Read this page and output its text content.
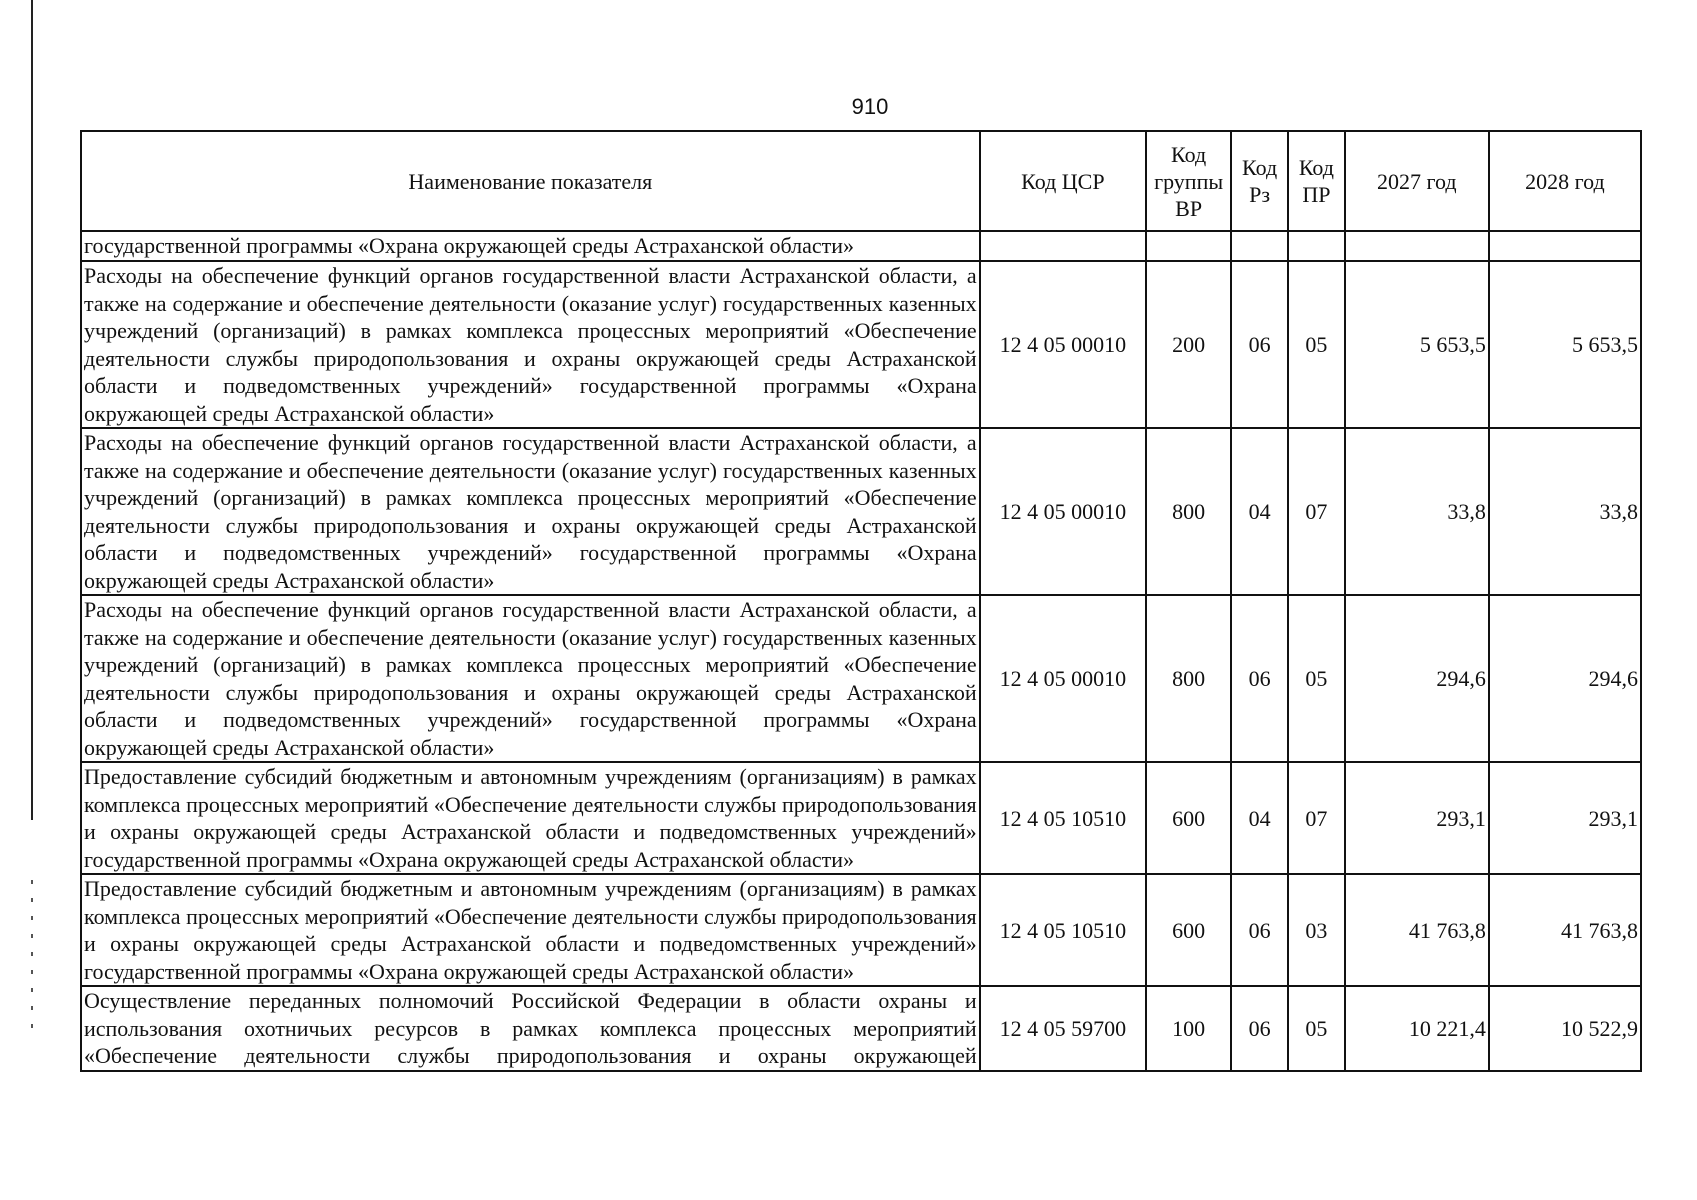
910
Наименование показателя	Код ЦСР	Код группы ВР	Код Рз	Код ПР	2027 год	2028 год
государственной программы «Охрана окружающей среды Астраханской области»						
Расходы на обеспечение функций органов государственной власти Астраханской области, а также на содержание и обеспечение деятельности (оказание услуг) государственных казенных учреждений (организаций) в рамках комплекса процессных мероприятий «Обеспечение деятельности службы природопользования и охраны окружающей среды Астраханской области и подведомственных учреждений» государственной программы «Охрана окружающей среды Астраханской области»	12 4 05 00010	200	06	05	5 653,5	5 653,5
Расходы на обеспечение функций органов государственной власти Астраханской области, а также на содержание и обеспечение деятельности (оказание услуг) государственных казенных учреждений (организаций) в рамках комплекса процессных мероприятий «Обеспечение деятельности службы природопользования и охраны окружающей среды Астраханской области и подведомственных учреждений» государственной программы «Охрана окружающей среды Астраханской области»	12 4 05 00010	800	04	07	33,8	33,8
Расходы на обеспечение функций органов государственной власти Астраханской области, а также на содержание и обеспечение деятельности (оказание услуг) государственных казенных учреждений (организаций) в рамках комплекса процессных мероприятий «Обеспечение деятельности службы природопользования и охраны окружающей среды Астраханской области и подведомственных учреждений» государственной программы «Охрана окружающей среды Астраханской области»	12 4 05 00010	800	06	05	294,6	294,6
Предоставление субсидий бюджетным и автономным учреждениям (организациям) в рамках комплекса процессных мероприятий «Обеспечение деятельности службы природопользования и охраны окружающей среды Астраханской области и подведомственных учреждений» государственной программы «Охрана окружающей среды Астраханской области»	12 4 05 10510	600	04	07	293,1	293,1
Предоставление субсидий бюджетным и автономным учреждениям (организациям) в рамках комплекса процессных мероприятий «Обеспечение деятельности службы природопользования и охраны окружающей среды Астраханской области и подведомственных учреждений» государственной программы «Охрана окружающей среды Астраханской области»	12 4 05 10510	600	06	03	41 763,8	41 763,8
Осуществление переданных полномочий Российской Федерации в области охраны и использования охотничьих ресурсов в рамках комплекса процессных мероприятий «Обеспечение деятельности службы природопользования и охраны окружающей	12 4 05 59700	100	06	05	10 221,4	10 522,9
